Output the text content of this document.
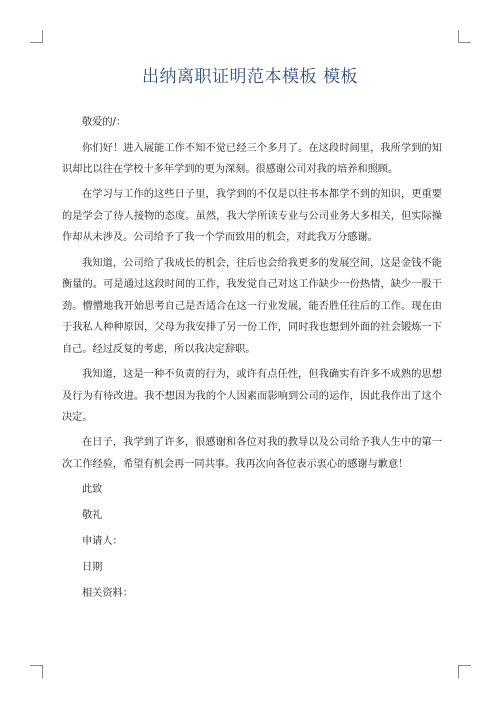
出纳离职证明范本模板 模板

敬爱的/：

你们好！进入展能工作不知不觉已经三个多月了。在这段时间里，我所学到的知识却比以往在学校十多年学到的更为深刻。很感谢公司对我的培养和照顾。

在学习与工作的这些日子里，我学到的不仅是以往书本都学不到的知识，更重要的是学会了待人接物的态度。虽然，我大学所读专业与公司业务大多相关，但实际操作却从未涉及。公司给予了我一个学而致用的机会，对此我万分感谢。

我知道，公司给了我成长的机会，往后也会给我更多的发展空间，这是金钱不能衡量的。可是通过这段时间的工作，我发觉自己对这工作缺少一份热情，缺少一股干劲。懵懵地我开始思考自己是否适合在这一行业发展，能否胜任往后的工作。现在由于我私人种种原因，父母为我安排了另一份工作，同时我也想到外面的社会锻炼一下自己。经过反复的考虑，所以我决定辞职。

我知道，这是一种不负责的行为，或许有点任性，但我确实有许多不成熟的思想及行为有待改进。我不想因为我的个人因素而影响到公司的运作，因此我作出了这个决定。

在日子，我学到了许多，很感谢和各位对我的教导以及公司给予我人生中的第一次工作经验，希望有机会再一同共事。我再次向各位表示衷心的感谢与歉意！

此致

敬礼

申请人：

日期

相关资料：
